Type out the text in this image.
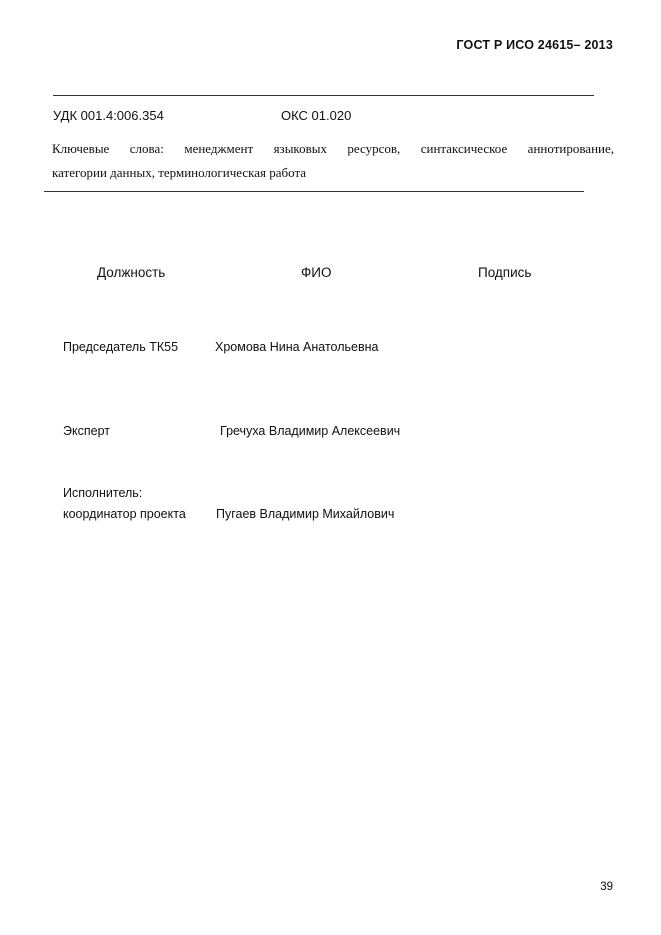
ГОСТ Р ИСО 24615– 2013
УДК 001.4:006.354	ОКС 01.020
Ключевые слова: менеджмент языковых ресурсов, синтаксическое аннотирование,
категории данных, терминологическая работа
Должность	ФИО	Подпись
Председатель ТК55	Хромова Нина Анатольевна
Эксперт	Гречуха Владимир Алексеевич
Исполнитель:
координатор проекта Пугаев Владимир Михайлович
39
